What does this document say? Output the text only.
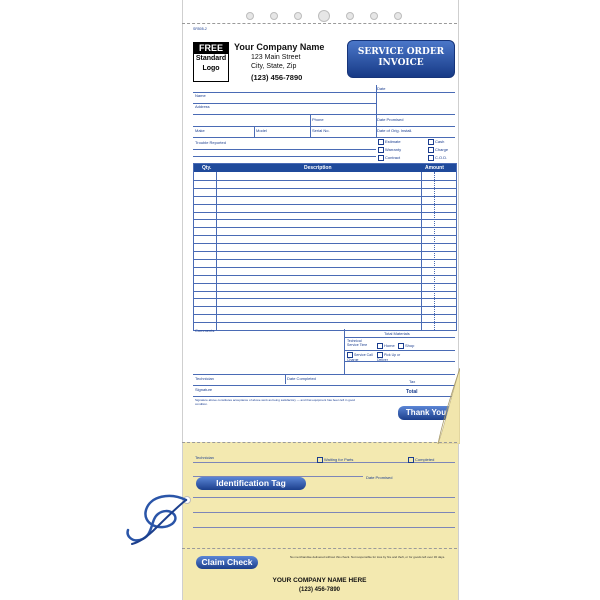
SR505-2
FREE
Standard
Logo
Your Company Name
123 Main Street
City, State, Zip
(123) 456-7890
SERVICE ORDER
INVOICE
Date
Name
Address
Phone	Date Promised
Make	Model	Serial No.	Date of Orig. Install.
Trouble Reported	Estimate	Cash
Warranty	Charge
Contract	C.O.D.
Qty.	Description	Amount
Comments
Total Materials
Technical Service Time	Home	Shop
Service Call Charge
Pick Up or Deliver
Technician	Date Completed
Tax
Signature	Total
Signature above constitutes acceptance of above work as being satisfactory — and that equipment has been left in good condition.
Thank You
Technician	Waiting for Parts	Completed
Date Promised
Identification Tag
Claim Check	No merchandise delivered without this check. Not responsible for loss by fire and theft, or for goods left over 30 days.
YOUR COMPANY NAME HERE
(123) 456-7890
